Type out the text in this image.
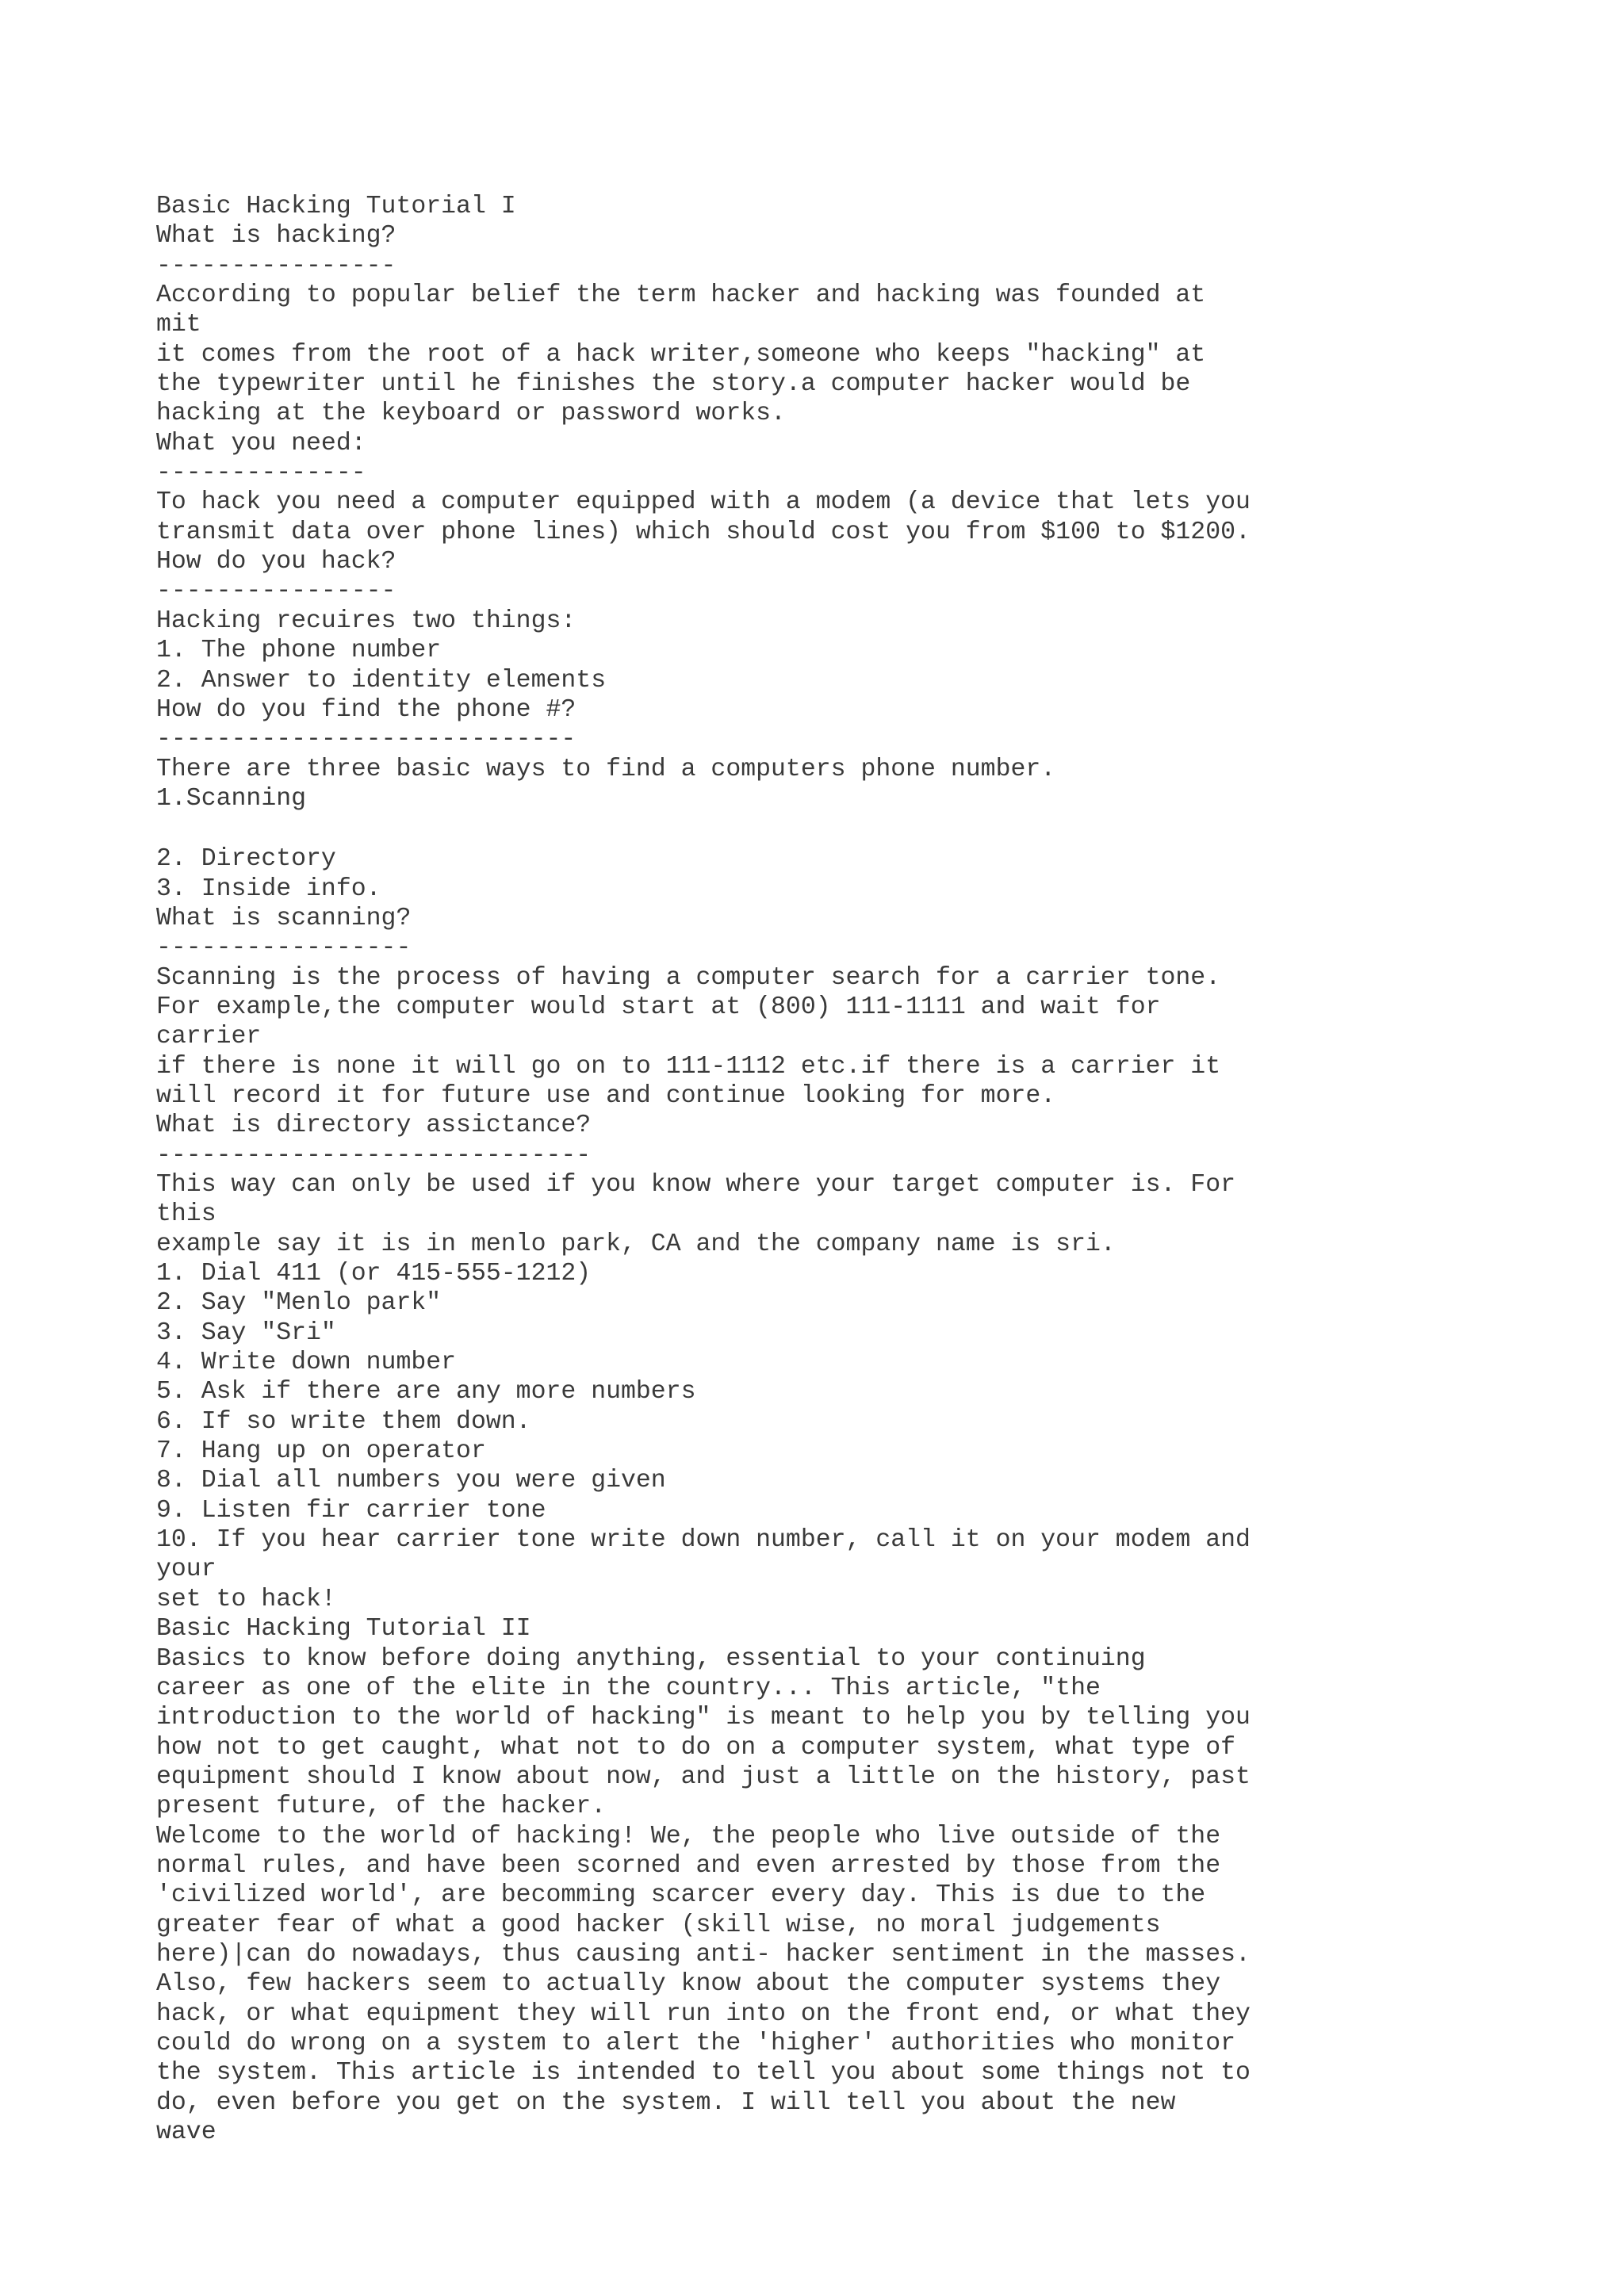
Basic Hacking Tutorial I
What is hacking?
----------------
According to popular belief the term hacker and hacking was founded at
mit
it comes from the root of a hack writer,someone who keeps "hacking" at
the typewriter until he finishes the story.a computer hacker would be
hacking at the keyboard or password works.
What you need:
--------------
To hack you need a computer equipped with a modem (a device that lets you
transmit data over phone lines) which should cost you from $100 to $1200.
How do you hack?
----------------
Hacking recuires two things:
1. The phone number
2. Answer to identity elements
How do you find the phone #?
----------------------------
There are three basic ways to find a computers phone number.
1.Scanning
2. Directory
3. Inside info.
What is scanning?
-----------------
Scanning is the process of having a computer search for a carrier tone.
For example,the computer would start at (800) 111-1111 and wait for
carrier
if there is none it will go on to 111-1112 etc.if there is a carrier it
will record it for future use and continue looking for more.
What is directory assictance?
-----------------------------
This way can only be used if you know where your target computer is. For
this
example say it is in menlo park, CA and the company name is sri.
1. Dial 411 (or 415-555-1212)
2. Say "Menlo park"
3. Say "Sri"
4. Write down number
5. Ask if there are any more numbers
6. If so write them down.
7. Hang up on operator
8. Dial all numbers you were given
9. Listen fir carrier tone
10. If you hear carrier tone write down number, call it on your modem and
your
set to hack!
Basic Hacking Tutorial II
Basics to know before doing anything, essential to your continuing
career as one of the elite in the country... This article, "the
introduction to the world of hacking" is meant to help you by telling you
how not to get caught, what not to do on a computer system, what type of
equipment should I know about now, and just a little on the history, past
present future, of the hacker.
Welcome to the world of hacking! We, the people who live outside of the
normal rules, and have been scorned and even arrested by those from the
'civilized world', are becomming scarcer every day. This is due to the
greater fear of what a good hacker (skill wise, no moral judgements
here)|can do nowadays, thus causing anti- hacker sentiment in the masses.
Also, few hackers seem to actually know about the computer systems they
hack, or what equipment they will run into on the front end, or what they
could do wrong on a system to alert the 'higher' authorities who monitor
the system. This article is intended to tell you about some things not to
do, even before you get on the system. I will tell you about the new
wave
